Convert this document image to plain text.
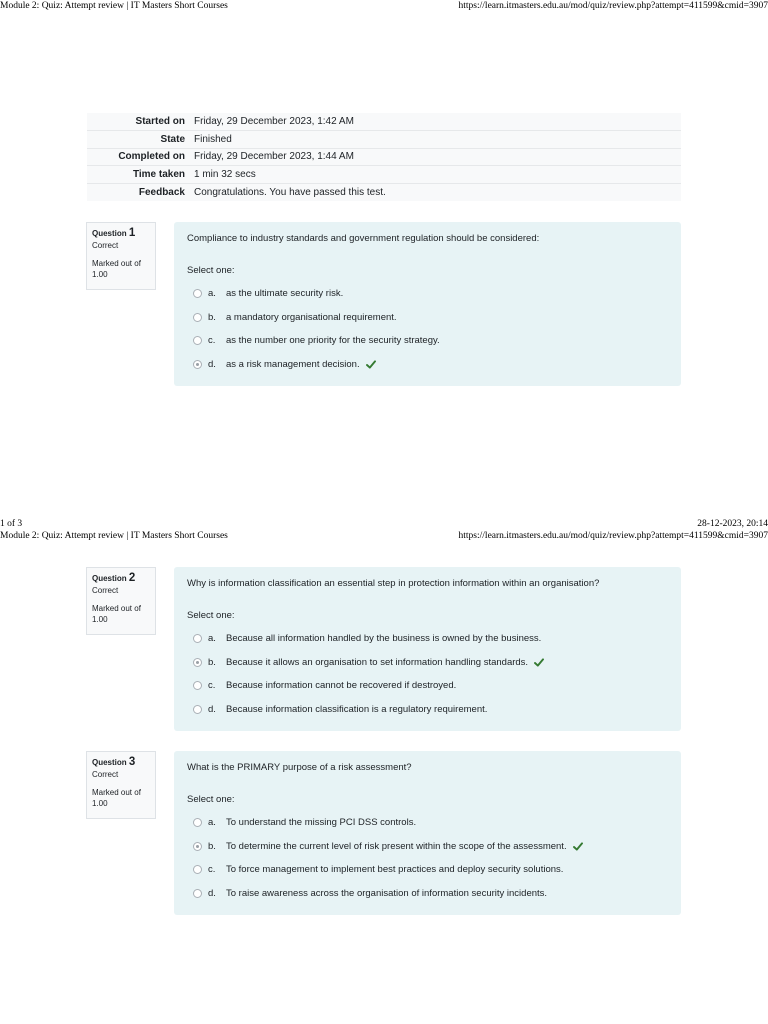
Module 2: Quiz: Attempt review | IT Masters Short Courses	https://learn.itmasters.edu.au/mod/quiz/review.php?attempt=411599&cmid=3907
Started on	Friday, 29 December 2023, 1:42 AM
State	Finished
Completed on	Friday, 29 December 2023, 1:44 AM
Time taken	1 min 32 secs
Feedback	Congratulations. You have passed this test.
Question 1
Correct
Marked out of 1.00

Compliance to industry standards and government regulation should be considered:

Select one:

a.	as the ultimate security risk.
b.	a mandatory organisational requirement.
c.	as the number one priority for the security strategy.
d.	as a risk management decision.
1 of 3	28-12-2023, 20:14
Module 2: Quiz: Attempt review | IT Masters Short Courses	https://learn.itmasters.edu.au/mod/quiz/review.php?attempt=411599&cmid=3907
Question 2
Correct
Marked out of 1.00

Why is information classification an essential step in protection information within an organisation?

Select one:

a.	Because all information handled by the business is owned by the business.
b.	Because it allows an organisation to set information handling standards.
c.	Because information cannot be recovered if destroyed.
d.	Because information classification is a regulatory requirement.
Question 3
Correct
Marked out of 1.00

What is the PRIMARY purpose of a risk assessment?

Select one:

a.	To understand the missing PCI DSS controls.
b.	To determine the current level of risk present within the scope of the assessment.
c.	To force management to implement best practices and deploy security solutions.
d.	To raise awareness across the organisation of information security incidents.
